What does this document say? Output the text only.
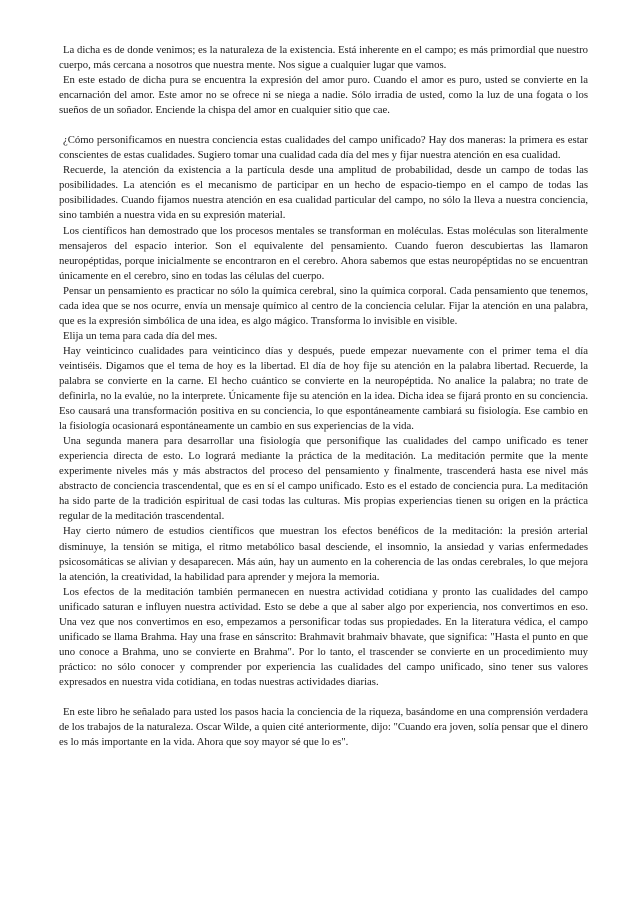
La dicha es de donde venimos; es la naturaleza de la existencia. Está inherente en el campo; es más primordial que nuestro cuerpo, más cercana a nosotros que nuestra mente. Nos sigue a cualquier lugar que vamos.

En este estado de dicha pura se encuentra la expresión del amor puro. Cuando el amor es puro, usted se convierte en la encarnación del amor. Este amor no se ofrece ni se niega a nadie. Sólo irradia de usted, como la luz de una fogata o los sueños de un soñador. Enciende la chispa del amor en cualquier sitio que cae.

¿Cómo personificamos en nuestra conciencia estas cualidades del campo unificado? Hay dos maneras: la primera es estar conscientes de estas cualidades. Sugiero tomar una cualidad cada día del mes y fijar nuestra atención en esa cualidad.

Recuerde, la atención da existencia a la partícula desde una amplitud de probabilidad, desde un campo de todas las posibilidades. La atención es el mecanismo de participar en un hecho de espacio-tiempo en el campo de todas las posibilidades. Cuando fijamos nuestra atención en esa cualidad particular del campo, no sólo la lleva a nuestra conciencia, sino también a nuestra vida en su expresión material.

Los científicos han demostrado que los procesos mentales se transforman en moléculas. Estas moléculas son literalmente mensajeros del espacio interior. Son el equivalente del pensamiento. Cuando fueron descubiertas las llamaron neuropéptidas, porque inicialmente se encontraron en el cerebro. Ahora sabemos que estas neuropéptidas no se encuentran únicamente en el cerebro, sino en todas las células del cuerpo.

Pensar un pensamiento es practicar no sólo la química cerebral, sino la química corporal. Cada pensamiento que tenemos, cada idea que se nos ocurre, envía un mensaje químico al centro de la conciencia celular. Fijar la atención en una palabra, que es la expresión simbólica de una idea, es algo mágico. Transforma lo invisible en visible.

Elija un tema para cada día del mes.

Hay veinticinco cualidades para veinticinco días y después, puede empezar nuevamente con el primer tema el día veintiséis. Digamos que el tema de hoy es la libertad. El día de hoy fije su atención en la palabra libertad. Recuerde, la palabra se convierte en la carne. El hecho cuántico se convierte en la neuropéptida. No analice la palabra; no trate de definirla, no la evalúe, no la interprete. Únicamente fije su atención en la idea. Dicha idea se fijará pronto en su conciencia. Eso causará una transformación positiva en su conciencia, lo que espontáneamente cambiará su fisiología. Ese cambio en la fisiología ocasionará espontáneamente un cambio en sus experiencias de la vida.

Una segunda manera para desarrollar una fisiología que personifique las cualidades del campo unificado es tener experiencia directa de esto. Lo logrará mediante la práctica de la meditación. La meditación permite que la mente experimente niveles más y más abstractos del proceso del pensamiento y finalmente, trascenderá hasta ese nivel más abstracto de conciencia trascendental, que es en sí el campo unificado. Esto es el estado de conciencia pura. La meditación ha sido parte de la tradición espiritual de casi todas las culturas. Mis propias experiencias tienen su origen en la práctica regular de la meditación trascendental.

Hay cierto número de estudios científicos que muestran los efectos benéficos de la meditación: la presión arterial disminuye, la tensión se mitiga, el ritmo metabólico basal desciende, el insomnio, la ansiedad y varias enfermedades psicosomáticas se alivian y desaparecen. Más aún, hay un aumento en la coherencia de las ondas cerebrales, lo que mejora la atención, la creatividad, la habilidad para aprender y mejora la memoria.

Los efectos de la meditación también permanecen en nuestra actividad cotidiana y pronto las cualidades del campo unificado saturan e influyen nuestra actividad. Esto se debe a que al saber algo por experiencia, nos convertimos en eso. Una vez que nos convertimos en eso, empezamos a personificar todas sus propiedades. En la literatura védica, el campo unificado se llama Brahma. Hay una frase en sánscrito: Brahmavit brahmaiv bhavate, que significa: "Hasta el punto en que uno conoce a Brahma, uno se convierte en Brahma". Por lo tanto, el trascender se convierte en un procedimiento muy práctico: no sólo conocer y comprender por experiencia las cualidades del campo unificado, sino tener sus valores expresados en nuestra vida cotidiana, en todas nuestras actividades diarias.

En este libro he señalado para usted los pasos hacia la conciencia de la riqueza, basándome en una comprensión verdadera de los trabajos de la naturaleza. Oscar Wilde, a quien cité anteriormente, dijo: "Cuando era joven, solía pensar que el dinero es lo más importante en la vida. Ahora que soy mayor sé que lo es".
